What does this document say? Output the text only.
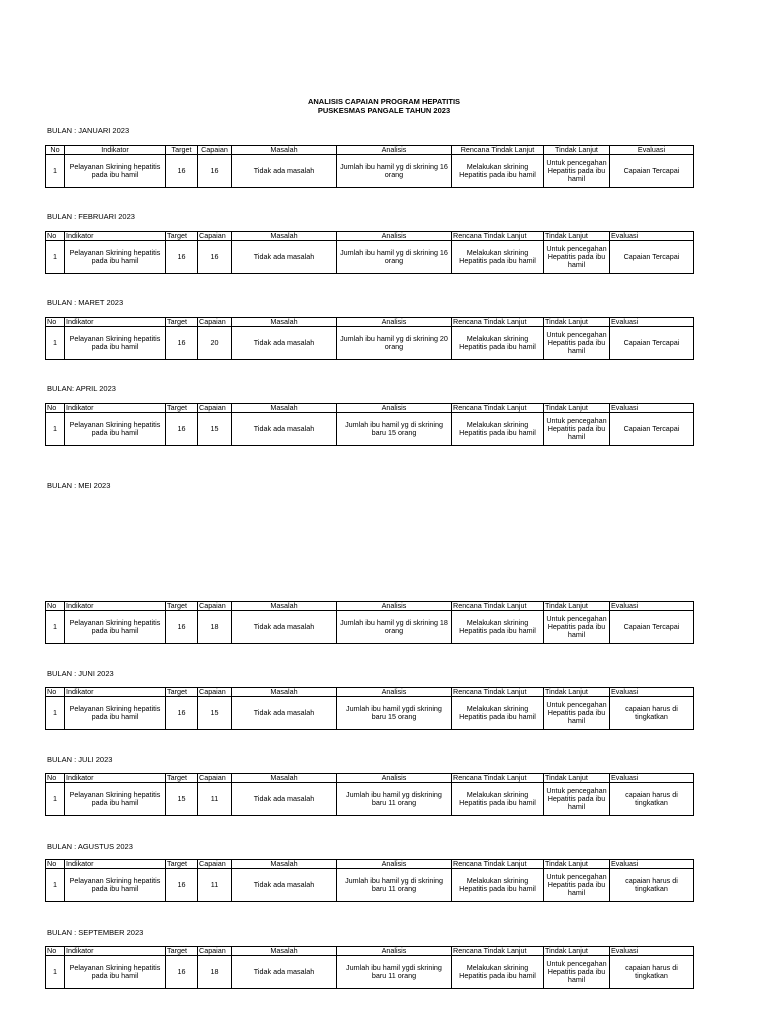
ANALISIS CAPAIAN PROGRAM HEPATITIS
PUSKESMAS PANGALE TAHUN 2023
BULAN : JANUARI 2023
No	Indikator	Target	Capaian	Masalah	Analisis	Rencana Tindak Lanjut	Tindak Lanjut	Evaluasi
1	Pelayanan Skrining hepatitis pada ibu hamil	16	16	Tidak ada masalah	Jumlah ibu hamil yg di skrining 16 orang	Melakukan skrining Hepatitis pada ibu hamil	Untuk pencegahan Hepatitis pada ibu hamil	Capaian Tercapai
BULAN : FEBRUARI 2023
No	Indikator	Target	Capaian	Masalah	Analisis	Rencana Tindak Lanjut	Tindak Lanjut	Evaluasi
1	Pelayanan Skrining hepatitis pada ibu hamil	16	16	Tidak ada masalah	Jumlah ibu hamil yg di skrining 16 orang	Melakukan skrining Hepatitis pada ibu hamil	Untuk pencegahan Hepatitis pada ibu hamil	Capaian Tercapai
BULAN : MARET 2023
No	Indikator	Target	Capaian	Masalah	Analisis	Rencana Tindak Lanjut	Tindak Lanjut	Evaluasi
1	Pelayanan Skrining hepatitis pada ibu hamil	16	20	Tidak ada masalah	Jumlah ibu hamil yg di skrining 20 orang	Melakukan skrining Hepatitis pada ibu hamil	Untuk pencegahan Hepatitis pada ibu hamil	Capaian Tercapai
BULAN: APRIL 2023
No	Indikator	Target	Capaian	Masalah	Analisis	Rencana Tindak Lanjut	Tindak Lanjut	Evaluasi
1	Pelayanan Skrining hepatitis pada ibu hamil	16	15	Tidak ada masalah	Jumlah ibu hamil yg di skrining baru 15 orang	Melakukan skrining Hepatitis pada ibu hamil	Untuk pencegahan Hepatitis pada ibu hamil	Capaian Tercapai
BULAN : MEI 2023
No	Indikator	Target	Capaian	Masalah	Analisis	Rencana Tindak Lanjut	Tindak Lanjut	Evaluasi
1	Pelayanan Skrining hepatitis pada ibu hamil	16	18	Tidak ada masalah	Jumlah ibu hamil yg di skrining 18 orang	Melakukan skrining Hepatitis pada ibu hamil	Untuk pencegahan Hepatitis pada ibu hamil	Capaian Tercapai
BULAN : JUNI 2023
No	Indikator	Target	Capaian	Masalah	Analisis	Rencana Tindak Lanjut	Tindak Lanjut	Evaluasi
1	Pelayanan Skrining hepatitis pada ibu hamil	16	15	Tidak ada masalah	Jumlah ibu hamil ygdi skrining baru 15 orang	Melakukan skrining Hepatitis pada ibu hamil	Untuk pencegahan Hepatitis pada ibu hamil	capaian harus di tingkatkan
BULAN : JULI 2023
No	Indikator	Target	Capaian	Masalah	Analisis	Rencana Tindak Lanjut	Tindak Lanjut	Evaluasi
1	Pelayanan Skrining hepatitis pada ibu hamil	15	11	Tidak ada masalah	Jumlah ibu hamil yg diskrining baru 11 orang	Melakukan skrining Hepatitis pada ibu hamil	Untuk pencegahan Hepatitis pada ibu hamil	capaian harus di tingkatkan
BULAN : AGUSTUS 2023
No	Indikator	Target	Capaian	Masalah	Analisis	Rencana Tindak Lanjut	Tindak Lanjut	Evaluasi
1	Pelayanan Skrining hepatitis pada ibu hamil	16	11	Tidak ada masalah	Jumlah ibu hamil yg di skrining baru 11 orang	Melakukan skrining Hepatitis pada ibu hamil	Untuk pencegahan Hepatitis pada ibu hamil	capaian harus di tingkatkan
BULAN : SEPTEMBER 2023
No	Indikator	Target	Capaian	Masalah	Analisis	Rencana Tindak Lanjut	Tindak Lanjut	Evaluasi
1	Pelayanan Skrining hepatitis pada ibu hamil	16	18	Tidak ada masalah	Jumlah ibu hamil ygdi skrining baru 11 orang	Melakukan skrining Hepatitis pada ibu hamil	Untuk pencegahan Hepatitis pada ibu hamil	capaian harus di tingkatkan
